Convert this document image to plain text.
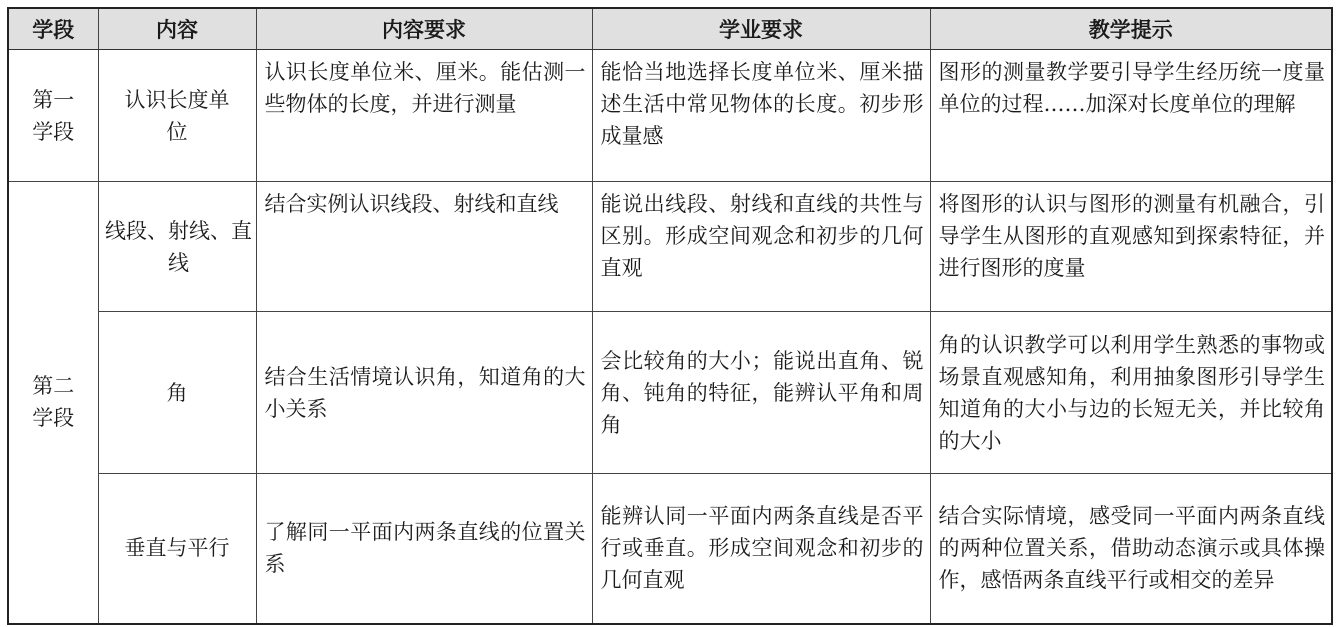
学段	内容	内容要求	学业要求	教学提示
第一学段	认识长度单位	认识长度单位米、厘米。能估测一些物体的长度，并进行测量	能恰当地选择长度单位米、厘米描述生活中常见物体的长度。初步形成量感	图形的测量教学要引导学生经历统一度量单位的过程……加深对长度单位的理解
第二学段	线段、射线、直线	结合实例认识线段、射线和直线	能说出线段、射线和直线的共性与区别。形成空间观念和初步的几何直观	将图形的认识与图形的测量有机融合，引导学生从图形的直观感知到探索特征，并进行图形的度量
	角	结合生活情境认识角，知道角的大小关系	会比较角的大小；能说出直角、锐角、钝角的特征，能辨认平角和周角	角的认识教学可以利用学生熟悉的事物或场景直观感知角，利用抽象图形引导学生知道角的大小与边的长短无关，并比较角的大小
	垂直与平行	了解同一平面内两条直线的位置关系	能辨认同一平面内两条直线是否平行或垂直。形成空间观念和初步的几何直观	结合实际情境，感受同一平面内两条直线的两种位置关系，借助动态演示或具体操作，感悟两条直线平行或相交的差异
